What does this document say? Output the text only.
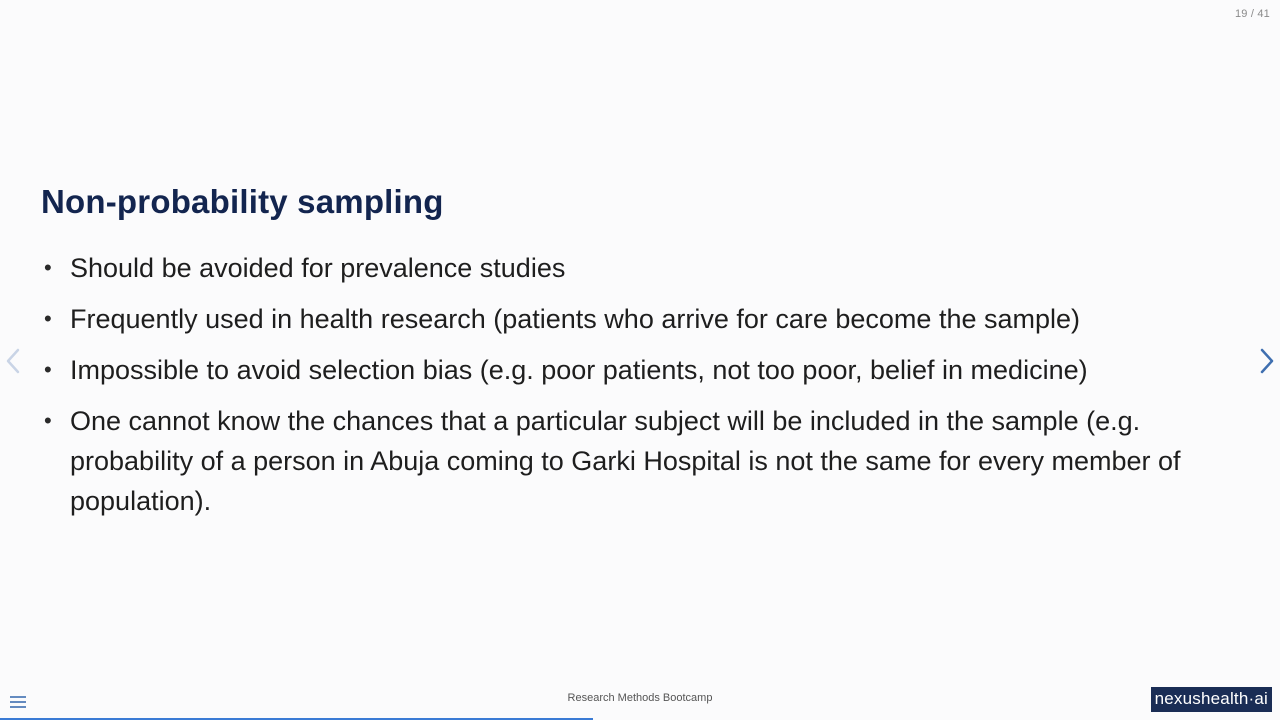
19 / 41
Non-probability sampling
• Should be avoided for prevalence studies
• Frequently used in health research (patients who arrive for care become the sample)
• Impossible to avoid selection bias (e.g. poor patients, not too poor, belief in medicine)
• One cannot know the chances that a particular subject will be included in the sample (e.g. probability of a person in Abuja coming to Garki Hospital is not the same for every member of population).
Research Methods Bootcamp	nexushealth·ai
